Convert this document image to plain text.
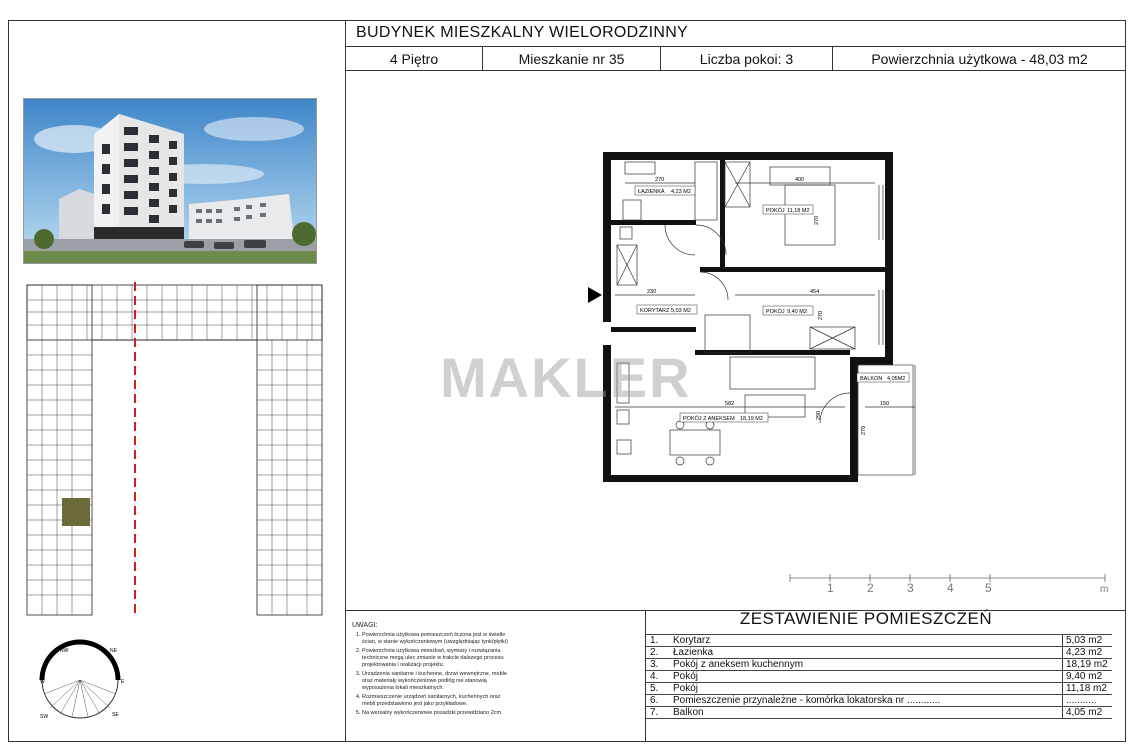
BUDYNEK MIESZKALNY WIELORODZINNY
4 Piętro	Mieszkanie nr 35	Liczba pokoi: 3	Powierzchnia użytkowa - 48,03 m2
NW	NE
W	E
SW	SE
270	400
270
230	454
270
582
290
150
270
ŁAZIENKA 4,23 M2
POKÓJ 11,18 M2
KORYTARZ 5,03 M2	POKÓJ 9,40 M2
POKÓJ Z ANEKSEM 18,19 M2
BALKON 4,05M2
MAKLER
1	2	3	4	5	m
UWAGI:
1. Powierzchnia użytkowa pomieszczeń liczona jest w świetle ścian, w stanie wykończeniowym (uwzględniając tynk/płytki)
2. Powierzchnia użytkowa mieszkań, wymiary i rozwiązania techniczne mogą ulec zmianie w trakcie dalszego procesu projektowania i realizacji projektu.
3. Urządzenia sanitarne i kuchenne, drzwi wewnętrzne, meble oraz materiały wykończeniowe podłóg nie stanowią wyposażenia lokali mieszkalnych.
4. Rozmieszczenie urządzeń sanitarnych, kuchennych oraz mebli przedstawiono jest jako przykładowe.
5. Na wersalny wykończeniowe posadzki przewidziano 2cm.
ZESTAWIENIE POMIESZCZEŃ
1. Korytarz	5,03 m2
2. Łazienka	4,23 m2
3. Pokój z aneksem kuchennym	18,19 m2
4. Pokój	9,40 m2
5. Pokój	11,18 m2
6. Pomieszczenie przynależne - komórka lokatorska nr ............	...........
7. Balkon	4,05 m2
